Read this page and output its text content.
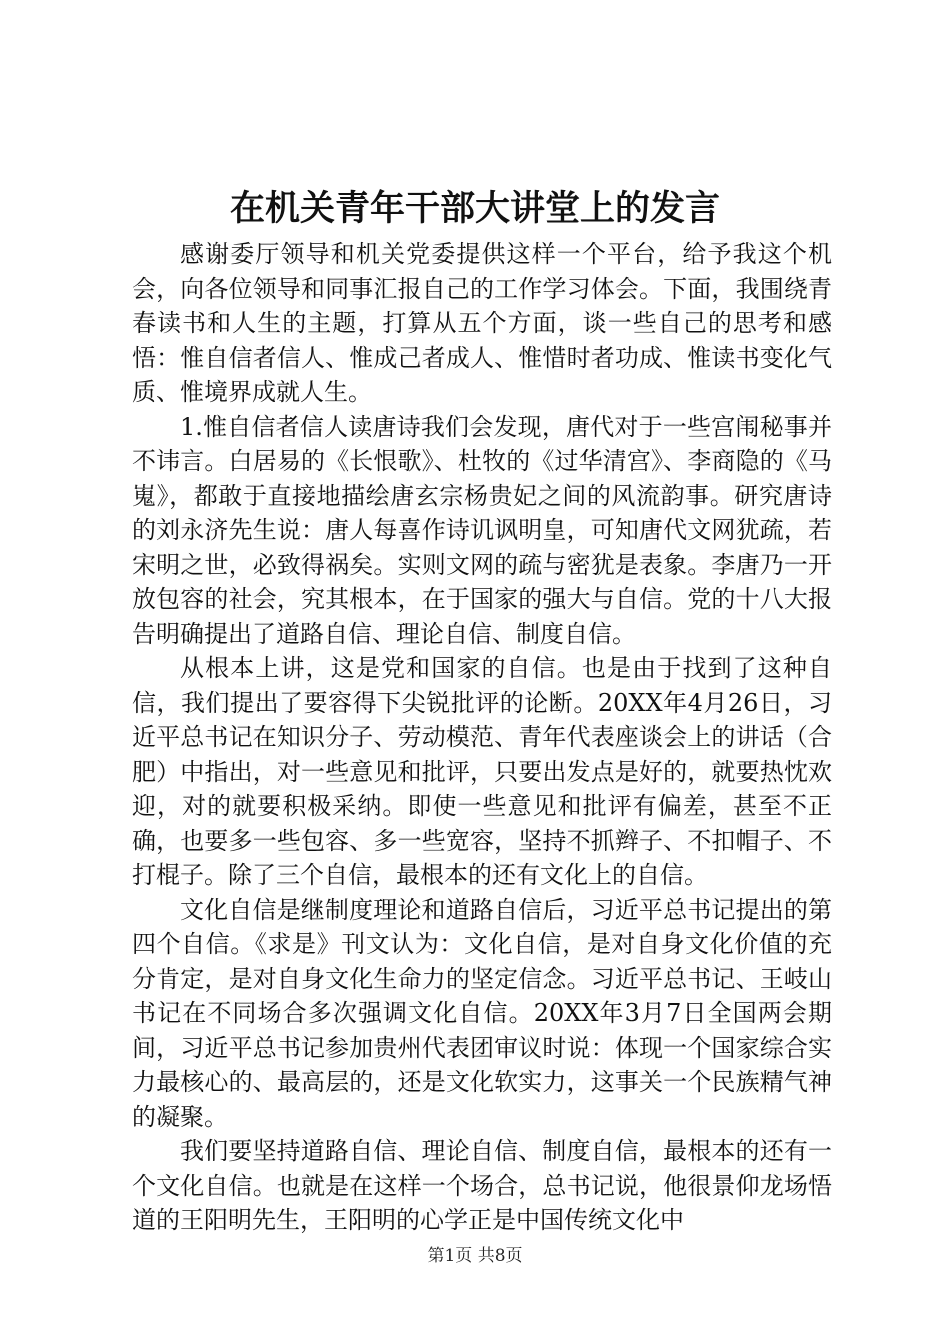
在机关青年干部大讲堂上的发言

感谢委厅领导和机关党委提供这样一个平台，给予我这个机会，向各位领导和同事汇报自己的工作学习体会。下面，我围绕青春读书和人生的主题，打算从五个方面，谈一些自己的思考和感悟：惟自信者信人、惟成己者成人、惟惜时者功成、惟读书变化气质、惟境界成就人生。

1.惟自信者信人读唐诗我们会发现，唐代对于一些宫闱秘事并不讳言。白居易的《长恨歌》、杜牧的《过华清宫》、李商隐的《马嵬》，都敢于直接地描绘唐玄宗杨贵妃之间的风流韵事。研究唐诗的刘永济先生说：唐人每喜作诗讥讽明皇，可知唐代文网犹疏，若宋明之世，必致得祸矣。实则文网的疏与密犹是表象。李唐乃一开放包容的社会，究其根本，在于国家的强大与自信。党的十八大报告明确提出了道路自信、理论自信、制度自信。

从根本上讲，这是党和国家的自信。也是由于找到了这种自信，我们提出了要容得下尖锐批评的论断。20XX年4月26日，习近平总书记在知识分子、劳动模范、青年代表座谈会上的讲话（合肥）中指出，对一些意见和批评，只要出发点是好的，就要热忱欢迎，对的就要积极采纳。即使一些意见和批评有偏差，甚至不正确，也要多一些包容、多一些宽容，坚持不抓辫子、不扣帽子、不打棍子。除了三个自信，最根本的还有文化上的自信。

文化自信是继制度理论和道路自信后，习近平总书记提出的第四个自信。《求是》刊文认为：文化自信，是对自身文化价值的充分肯定，是对自身文化生命力的坚定信念。习近平总书记、王岐山书记在不同场合多次强调文化自信。20XX年3月7日全国两会期间，习近平总书记参加贵州代表团审议时说：体现一个国家综合实力最核心的、最高层的，还是文化软实力，这事关一个民族精气神的凝聚。

我们要坚持道路自信、理论自信、制度自信，最根本的还有一个文化自信。也就是在这样一个场合，总书记说，他很景仰龙场悟道的王阳明先生，王阳明的心学正是中国传统文化中

第1页 共8页
